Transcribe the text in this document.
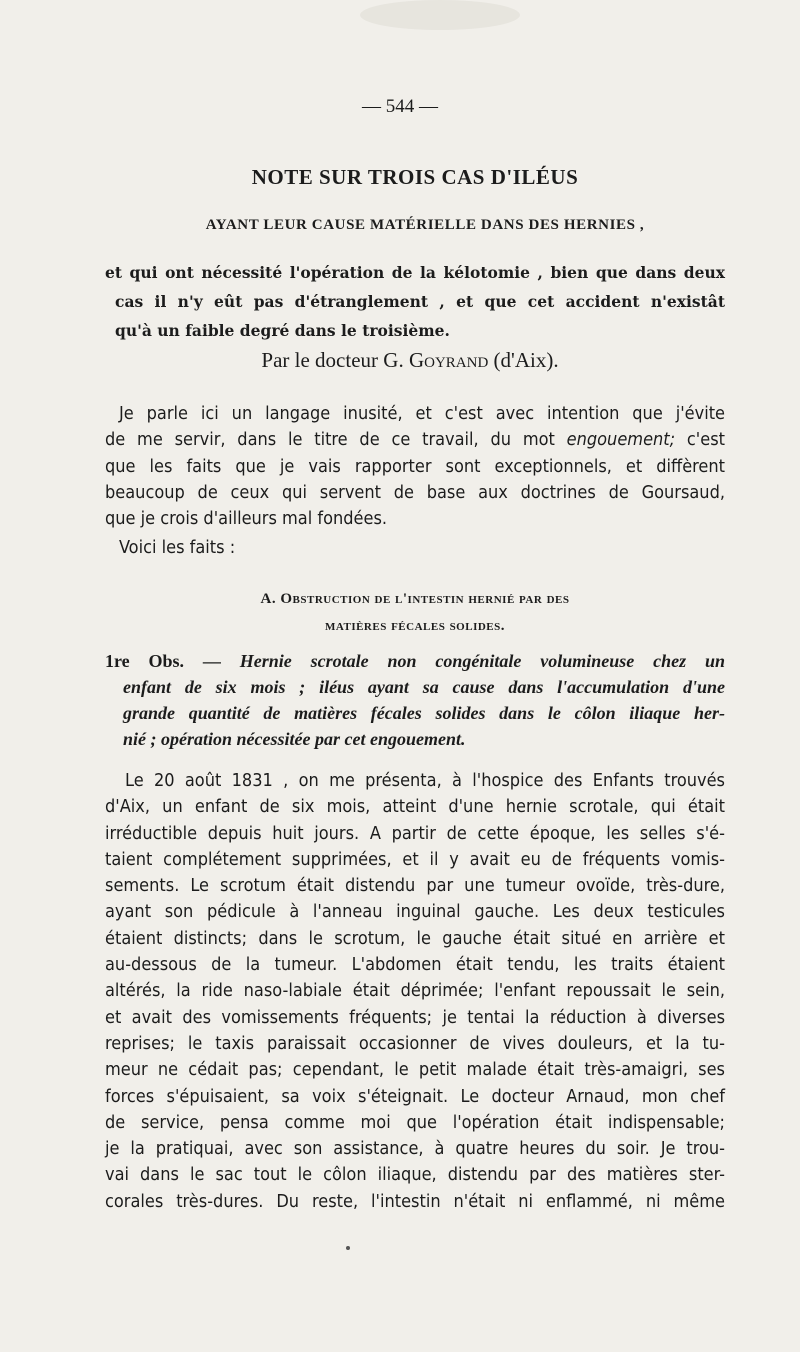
— 544 —
NOTE SUR TROIS CAS D'ILÉUS
AYANT LEUR CAUSE MATÉRIELLE DANS DES HERNIES ,
et qui ont nécessité l'opération de la kélotomie , bien que dans deux
cas il n'y eût pas d'étranglement , et que cet accident n'existât
qu'à un faible degré dans le troisième.
Par le docteur G. Goyrand (d'Aix).
Je parle ici un langage inusité, et c'est avec intention que j'évite
de me servir, dans le titre de ce travail, du mot engouement; c'est
que les faits que je vais rapporter sont exceptionnels, et diffèrent
beaucoup de ceux qui servent de base aux doctrines de Goursaud,
que je crois d'ailleurs mal fondées.
Voici les faits :
A. Obstruction de l'intestin hernié par des
matières fécales solides.
1re Obs. — Hernie scrotale non congénitale volumineuse chez un
enfant de six mois ; iléus ayant sa cause dans l'accumulation d'une
grande quantité de matières fécales solides dans le côlon iliaque her-
nié ; opération nécessitée par cet engouement.
Le 20 août 1831 , on me présenta, à l'hospice des Enfants trouvés
d'Aix, un enfant de six mois, atteint d'une hernie scrotale, qui était
irréductible depuis huit jours. A partir de cette époque, les selles s'é-
taient complétement supprimées, et il y avait eu de fréquents vomis-
sements. Le scrotum était distendu par une tumeur ovoïde, très-dure,
ayant son pédicule à l'anneau inguinal gauche. Les deux testicules
étaient distincts; dans le scrotum, le gauche était situé en arrière et
au-dessous de la tumeur. L'abdomen était tendu, les traits étaient
altérés, la ride naso-labiale était déprimée; l'enfant repoussait le sein,
et avait des vomissements fréquents; je tentai la réduction à diverses
reprises; le taxis paraissait occasionner de vives douleurs, et la tu-
meur ne cédait pas; cependant, le petit malade était très-amaigri, ses
forces s'épuisaient, sa voix s'éteignait. Le docteur Arnaud, mon chef
de service, pensa comme moi que l'opération était indispensable;
je la pratiquai, avec son assistance, à quatre heures du soir. Je trou-
vai dans le sac tout le côlon iliaque, distendu par des matières ster-
corales très-dures. Du reste, l'intestin n'était ni enflammé, ni même
